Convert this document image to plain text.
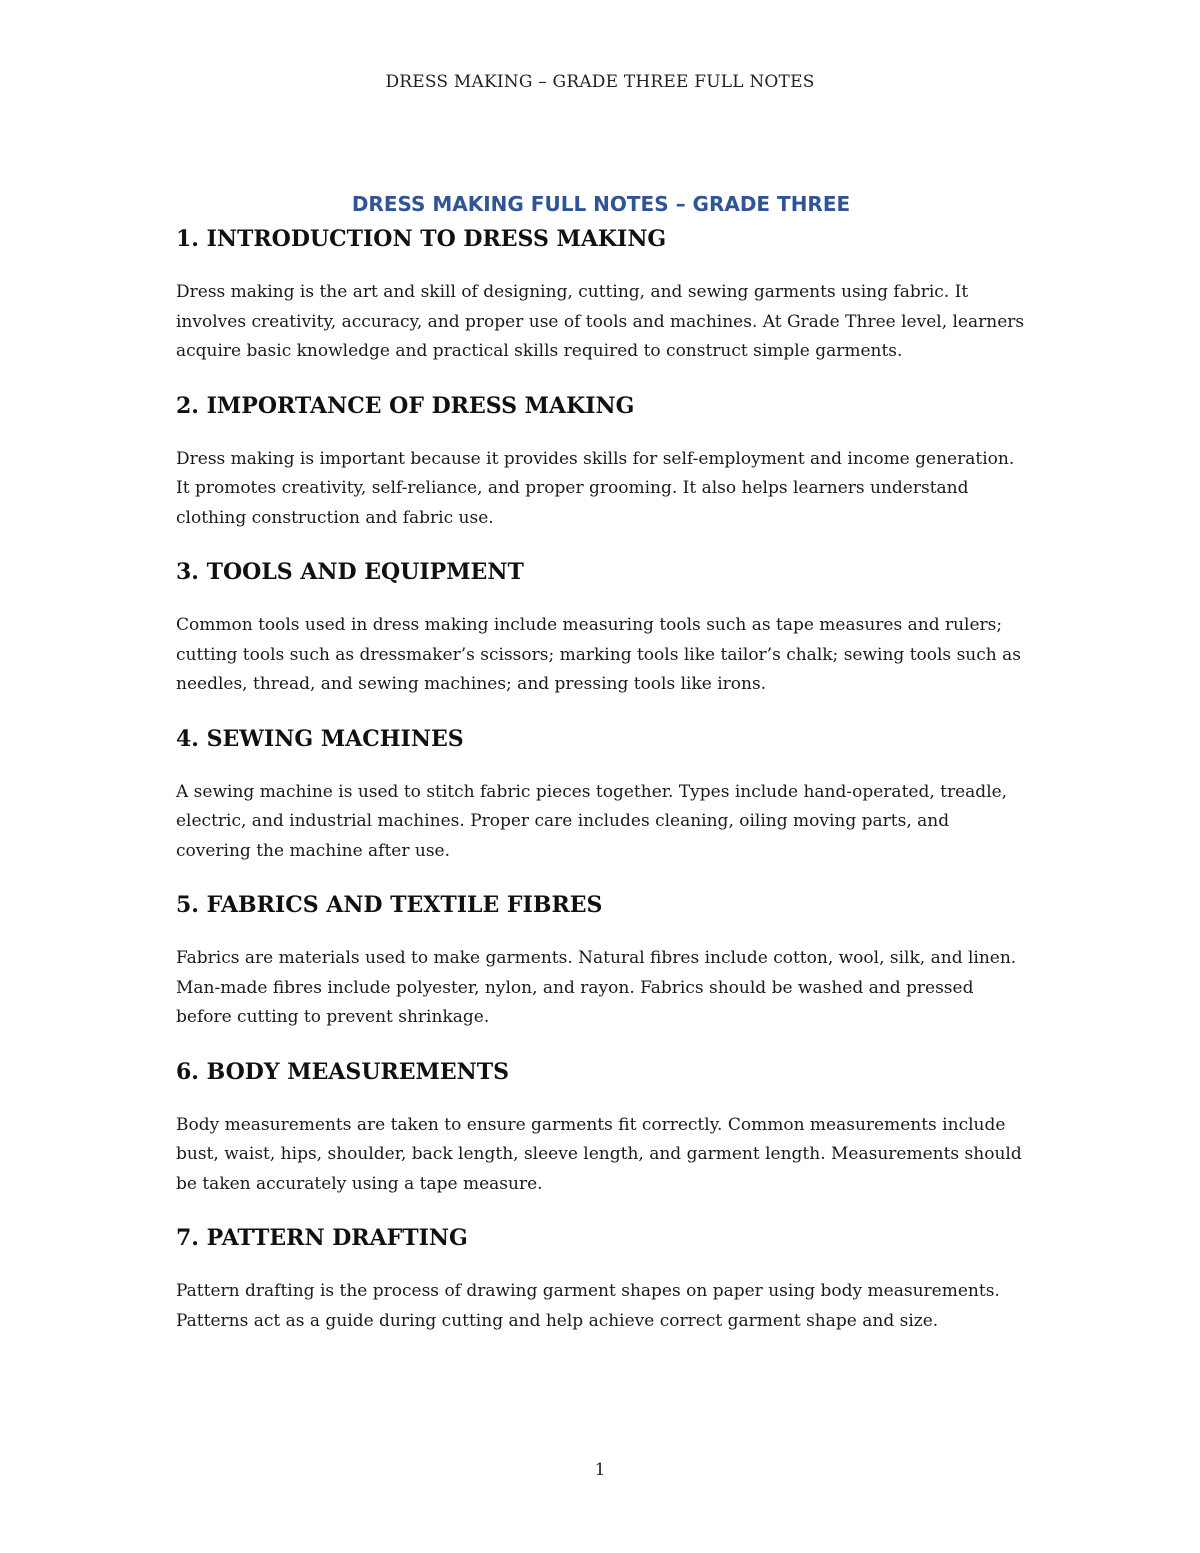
DRESS MAKING – GRADE THREE FULL NOTES
DRESS MAKING FULL NOTES – GRADE THREE
1. INTRODUCTION TO DRESS MAKING

Dress making is the art and skill of designing, cutting, and sewing garments using fabric. It involves creativity, accuracy, and proper use of tools and machines. At Grade Three level, learners acquire basic knowledge and practical skills required to construct simple garments.

2. IMPORTANCE OF DRESS MAKING

Dress making is important because it provides skills for self-employment and income generation. It promotes creativity, self-reliance, and proper grooming. It also helps learners understand clothing construction and fabric use.

3. TOOLS AND EQUIPMENT

Common tools used in dress making include measuring tools such as tape measures and rulers; cutting tools such as dressmaker’s scissors; marking tools like tailor’s chalk; sewing tools such as needles, thread, and sewing machines; and pressing tools like irons.

4. SEWING MACHINES

A sewing machine is used to stitch fabric pieces together. Types include hand-operated, treadle, electric, and industrial machines. Proper care includes cleaning, oiling moving parts, and covering the machine after use.

5. FABRICS AND TEXTILE FIBRES

Fabrics are materials used to make garments. Natural fibres include cotton, wool, silk, and linen. Man-made fibres include polyester, nylon, and rayon. Fabrics should be washed and pressed before cutting to prevent shrinkage.

6. BODY MEASUREMENTS

Body measurements are taken to ensure garments fit correctly. Common measurements include bust, waist, hips, shoulder, back length, sleeve length, and garment length. Measurements should be taken accurately using a tape measure.

7. PATTERN DRAFTING

Pattern drafting is the process of drawing garment shapes on paper using body measurements. Patterns act as a guide during cutting and help achieve correct garment shape and size.

1
